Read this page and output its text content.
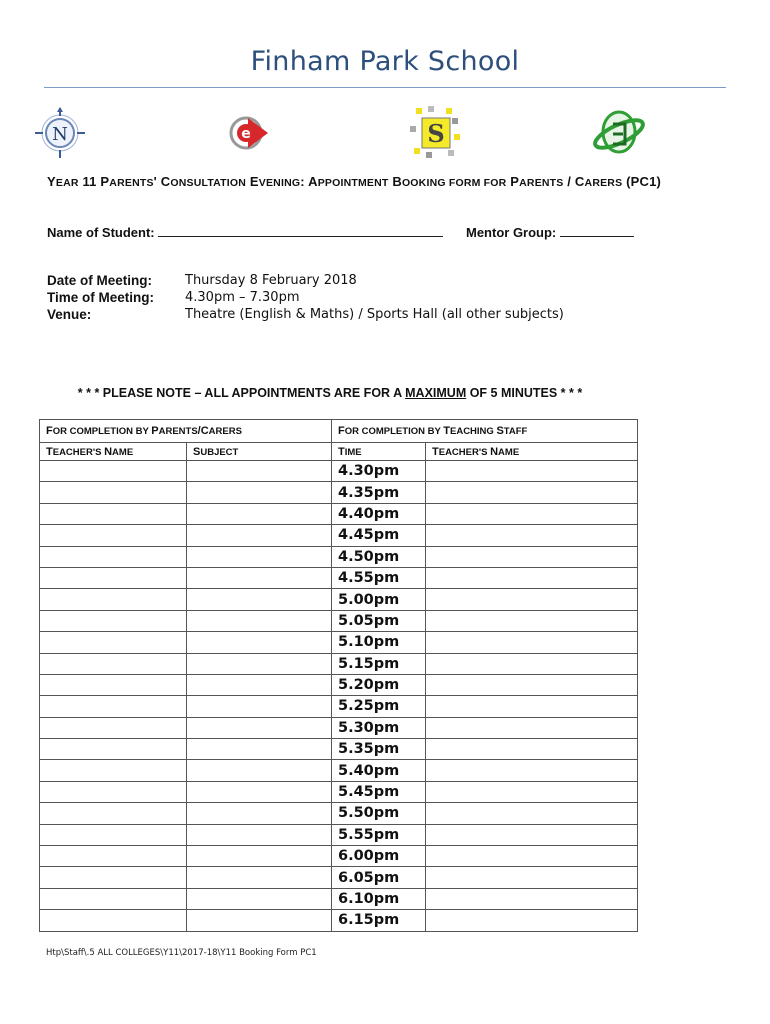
Finham Park School
N	e	S
YEAR 11 PARENTS' CONSULTATION EVENING: APPOINTMENT BOOKING FORM FOR PARENTS / CARERS (PC1)
Name of Student:	Mentor Group:
Date of Meeting:	Thursday 8 February 2018
Time of Meeting: 4.30pm – 7.30pm
Venue:	Theatre (English & Maths) / Sports Hall (all other subjects)
* * * PLEASE NOTE – ALL APPOINTMENTS ARE FOR A MAXIMUM OF 5 MINUTES * * *
FOR COMPLETION BY PARENTS/CARERS		FOR COMPLETION BY TEACHING STAFF	
TEACHER'S NAME	SUBJECT	TIME	TEACHER'S NAME
		4.30pm	
		4.35pm	
		4.40pm	
		4.45pm	
		4.50pm	
		4.55pm	
		5.00pm	
		5.05pm	
		5.10pm	
		5.15pm	
		5.20pm	
		5.25pm	
		5.30pm	
		5.35pm	
		5.40pm	
		5.45pm	
		5.50pm	
		5.55pm	
		6.00pm	
		6.05pm	
		6.10pm	
		6.15pm	
Htp\Staff\.5 ALL COLLEGES\Y11\2017-18\Y11 Booking Form PC1
